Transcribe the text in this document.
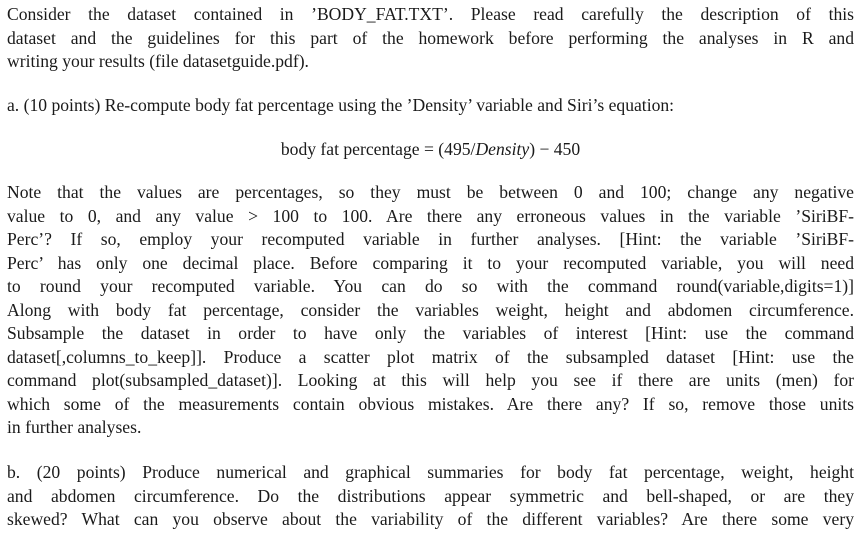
Consider the dataset contained in ’BODY_FAT.TXT’. Please read carefully the description of this
dataset and the guidelines for this part of the homework before performing the analyses in R and
writing your results (file datasetguide.pdf).
a. (10 points) Re-compute body fat percentage using the ’Density’ variable and Siri’s equation:
body fat percentage = (495/Density) − 450
Note that the values are percentages, so they must be between 0 and 100; change any negative
value to 0, and any value > 100 to 100. Are there any erroneous values in the variable ’SiriBF-
Perc’? If so, employ your recomputed variable in further analyses. [Hint: the variable ’SiriBF-
Perc’ has only one decimal place. Before comparing it to your recomputed variable, you will need
to round your recomputed variable. You can do so with the command round(variable,digits=1)]
Along with body fat percentage, consider the variables weight, height and abdomen circumference.
Subsample the dataset in order to have only the variables of interest [Hint: use the command
dataset[,columns_to_keep]]. Produce a scatter plot matrix of the subsampled dataset [Hint: use the
command plot(subsampled_dataset)]. Looking at this will help you see if there are units (men) for
which some of the measurements contain obvious mistakes. Are there any? If so, remove those units
in further analyses.
b. (20 points) Produce numerical and graphical summaries for body fat percentage, weight, height
and abdomen circumference. Do the distributions appear symmetric and bell-shaped, or are they
skewed? What can you observe about the variability of the different variables? Are there some very
